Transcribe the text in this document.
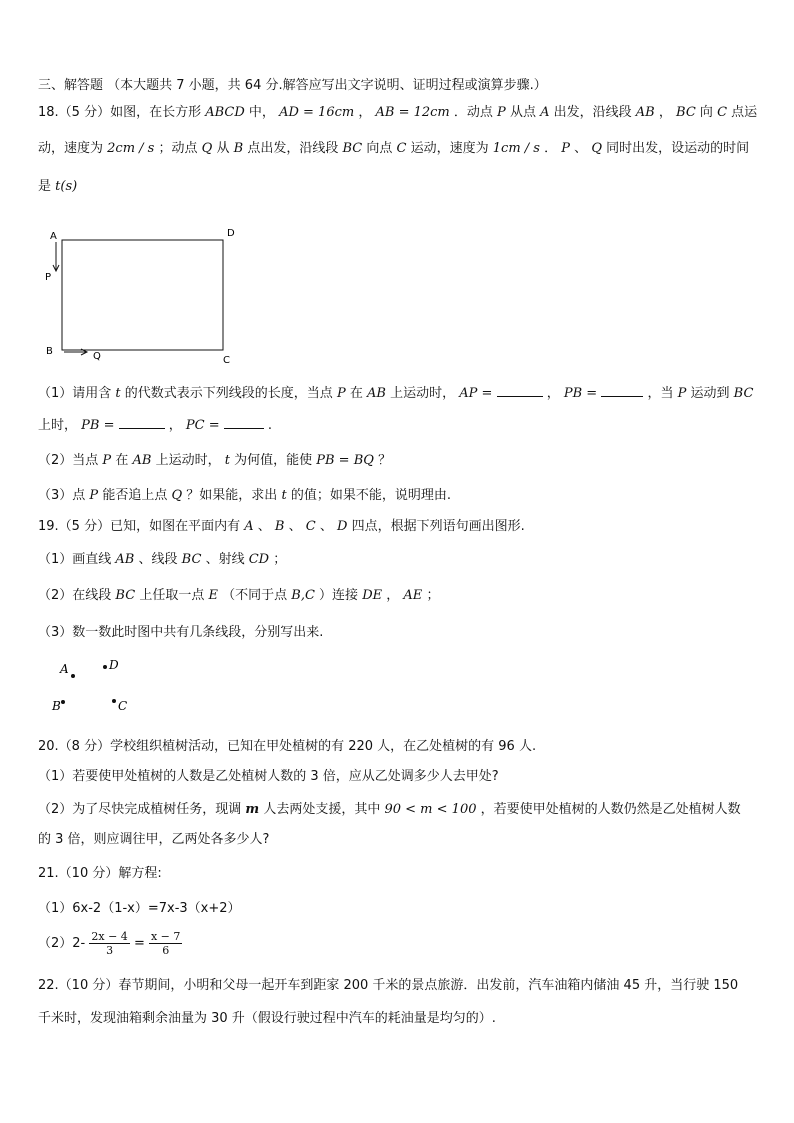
三、解答题 （本大题共 7 小题，共 64 分.解答应写出文字说明、证明过程或演算步骤.）
18.（5 分）如图，在长方形 ABCD 中， AD = 16cm ， AB = 12cm ．动点 P 从点 A 出发，沿线段 AB ， BC 向 C 点运
动，速度为 2cm / s ；动点 Q 从 B 点出发，沿线段 BC 向点 C 运动，速度为 1cm / s ． P 、 Q 同时出发，设运动的时间
是 t(s)
A	D
P
B	Q	C
（1）请用含 t 的代数式表示下列线段的长度，当点 P 在 AB 上运动时， AP =	， PB =	，当 P 运动到 BC
上时， PB =	， PC =	.
（2）当点 P 在 AB 上运动时， t 为何值，能使 PB = BQ ？
（3）点 P 能否追上点 Q ？如果能，求出 t 的值；如果不能，说明理由.
19.（5 分）已知，如图在平面内有 A 、 B 、 C 、 D 四点，根据下列语句画出图形.
（1）画直线 AB 、线段 BC 、射线 CD ；
（2）在线段 BC 上任取一点 E （不同于点 B,C ）连接 DE ， AE ；
（3）数一数此时图中共有几条线段，分别写出来.
A	D
B	C
20.（8 分）学校组织植树活动，已知在甲处植树的有 220 人，在乙处植树的有 96 人.
（1）若要使甲处植树的人数是乙处植树人数的 3 倍，应从乙处调多少人去甲处?
（2）为了尽快完成植树任务，现调 m 人去两处支援，其中 90 < m < 100 ，若要使甲处植树的人数仍然是乙处植树人数
的 3 倍，则应调往甲，乙两处各多少人?
21.（10 分）解方程:
（1）6x-2（1-x）=7x-3（x+2）
$(2)2- \frac{2x - 4}{3} = \frac{x - 7}{6}$
22.（10 分）春节期间，小明和父母一起开车到距家 200 千米的景点旅游．出发前，汽车油箱内储油 45 升，当行驶 150
千米时，发现油箱剩余油量为 30 升（假设行驶过程中汽车的耗油量是均匀的）.
